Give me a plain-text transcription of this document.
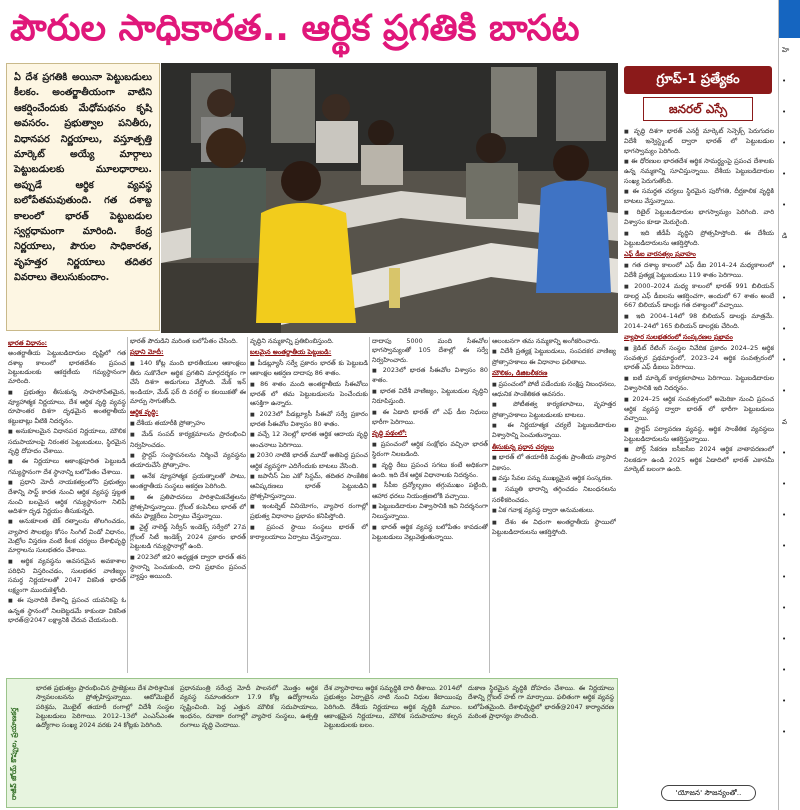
పౌరుల సాధికారత.. ఆర్థిక ప్రగతికి బాసట
హె
•
•
•
•
•
డి
•
•
•
•
•
వ
•
•
•
•
•
•
•
•
•
•

ఏ దేశ ప్రగతికి అయినా పెట్టుబడులు కీలకం. అంతర్జాతీయంగా వాటిని ఆకర్షించేందుకు మేధోమథనం కృషి అవసరం. ప్రభుత్వాల పనితీరు, విధానపర నిర్ణయాలు, వస్తూత్పత్తి మార్కెట్ అయ్యే మార్గాలు పెట్టుబడులకు మూలధారాలు. అప్పుడే ఆర్థిక వ్యవస్థ బలోపేతమవుతుంది. గత దశాబ్ద కాలంలో భారత్ పెట్టుబడుల స్వర్గధామంగా మారింది. కేంద్ర నిర్ణయాలు, పౌరుల సాధికారత, వృహత్తర నిర్ణయాలు తదితర వివరాలు తెలుసుకుందాం.

భారత విధానం:

అంతర్జాతీయ పెట్టుబడిదారుల దృష్టిలో గత దశాబ్ద కాలంలో భారతదేశం ప్రపంచ పెట్టుబడులకు ఆకర్షణీయ గమ్యస్థానంగా మారింది.

■ ప్రభుత్వం తీసుకున్న సాహసోపేతమైన, వ్యూహాత్మక నిర్ణయాలు, దేశ ఆర్థిక వృద్ధి వ్యవస్థ రూపాంతర దిశగా దృఢమైన అంతర్జాతీయ కట్టుబాట్లు వీటికి నిదర్శనం.

■ అనుకూలమైన విధానపర నిర్ణయాలు, మౌలిక సదుపాయాలపై నిరంతర పెట్టుబడులు, స్థిరమైన వృద్ధి దోహదం చేశాయి.

■ ఈ నిర్ణయాలు ఆకాంక్షపూరిత పెట్టుబడి గమ్యస్థానంగా దేశ స్థానాన్ని బలోపేతం చేశాయి.

■ ప్రధాని మోదీ నాయకత్వంలోని ప్రభుత్వం దేశాన్ని సాఫ్ట్ కారత నుంచి ఆర్థిక వ్యవస్థ స్తబ్దత నుంచి బలమైన ఆర్థిక గమ్యస్థానంగా నిలిపే అదిశగా దృఢ నిర్ణయం తీసుకున్నది.

■ అనుకూలత టెక్ రత్నాలను తొలగించడం, వ్యాపార సౌలభ్యం కోసం సింగిల్ విండో విధానం, మెట్రోల విస్తరణ వంటి కీలక చర్యలు దేశాభివృద్ధి మార్గాలను సులభతరం చేశాయి.

■ ఆర్థిక వ్యవస్థను అవసరమైన అవకాశాల పరిధిని విస్తరించడం, సులభతర వాణిజ్యం సమర్థ నిర్ణయాలతో 2047 వికసిత భారత్ లక్ష్యంగా ముందుకెళ్తోంది.

■ ఈ పునాదికి దేశాన్ని ప్రపంచ యవనికపై ఓ ఉన్నత స్థానంలో నిలబెట్టడమే కాకుండా వికసిత భారత్@2047 లక్ష్యానికి చేరువ చేయనుంది.

భారత్ పౌరుడిని మరింత బలోపేతం చేసింది.

ప్రధాని మోదీ:

■ 140 కోట్ల మంది భారతీయుల ఆకాంక్షలు తీరు సుకొనేలా ఆర్థిక ప్రగతిని మార్గదర్శకం గా చేసే దిశగా అడుగులు వేస్తోంది. మేక్ ఇన్ ఇండియా, మేడ్ ఫర్ ది వరల్డ్ ల కలయికతో ఈ మార్పు సాగుతోంది.

ఆర్థిక వృద్ధి:

■ దేశీయ తయారీకి ప్రోత్సాహం

■ మేడ్ సంపద్ కార్యక్రమాలను ప్రారంభించి నిర్వహించడం.

■ స్టార్టప్ సంస్థాపనలను నిర్మించే వ్యవస్థను తయారుచేసే ప్రోత్సాహం.

■ అనేక వ్యూహాత్మక ప్రయత్నాలతో పాటు, అంతర్జాతీయ సంస్థలు ఆకర్షణ పెరిగింది.

■ ఈ ప్రతిపాదనలు పారిశ్రామికవేత్తలను ప్రోత్సహిస్తున్నాయి. గ్లోబల్ కంపెనీలు భారత్ లో తమ ఫ్యాక్టరీలు ఏర్పాటు చేస్తున్నాయి.

■ వైల్డ్ నాలెడ్జ్ సెర్వీస్ ఇండెక్స్ సర్వేలో 27వ గ్లోబల్ సిటీ ఇండెక్స్ 2024 ప్రకారం భారత్ పెట్టుబడి గమ్యస్థానాల్లో ఉంది.

■ 2023లో జి20 అధ్యక్షత ద్వారా భారత్ తన స్థానాన్ని పెంచుకుంది, దాని ప్రభావం ప్రపంచ వ్యాప్తం అయింది.

వృద్ధిని నమ్మకాన్ని ప్రతిబింబిస్తుంది.

బలమైన అంతర్జాతీయ పెట్టుబడి:

■ పీడబ్ల్యూసీ సర్వే ప్రకారం భారత్ కు పెట్టుబడి ఆకాంక్షల ఆకర్షణ దాదాపు 86 శాతం.

■ 86 శాతం మంది అంతర్జాతీయ సీఈవోలు భారత్ లో తమ పెట్టుబడులను పెంచేందుకు ఆసక్తిగా ఉన్నారు.

■ 2023లో పీడబ్ల్యూసీ సీఈవో సర్వే ప్రకారం భారత సీఈవోల విశ్వాసం 80 శాతం.

■ వచ్చే 12 నెలల్లో భారత ఆర్థిక ఆదాయ వృద్ధి అంచనాలు పెరిగాయి.

■ 2030 నాటికి భారత్ మూడో అతిపెద్ద ప్రపంచ ఆర్థిక వ్యవస్థగా ఎదిగేందుకు బాటలు వేసింది.

■ జపానీస్ ఏఐ ఎకో సిస్టమ్, తదితర సాంకేతిక ఆవిష్కరణలు భారత్ పెట్టుబడిని ప్రోత్సహిస్తున్నాయి.

■ ఇంటర్నెట్ వినియోగం, వ్యాపార రంగాల్లో ప్రభుత్వ విధానాల ప్రభావం కనిపిస్తోంది.

■ ప్రపంచ స్థాయి సంస్థలు భారత్ లో కార్యాలయాలు ఏర్పాటు చేస్తున్నాయి.

దాదాపు 5000 మంది సీఈవోల భాగస్వామ్యంతో 105 దేశాల్లో ఈ సర్వే నిర్వహించారు.

■ 2023లో భారత సీఈవోల విశ్వాసం 80 శాతం.

■ భారత విదేశీ వాణిజ్యం, పెట్టుబడుల వృద్ధిని నిరూపిస్తుంది.

■ ఈ ఏడాది భారత్ లో ఎఫ్ డీఐ నిధులు భారీగా పెరిగాయి.

వృద్ధి పథంలో:

■ ప్రపంచంలో ఆర్థిక సంక్షోభం వచ్చినా భారత్ స్థిరంగా నిలబడింది.

■ వృద్ధి రేటు ప్రపంచ సగటు కంటే అధికంగా ఉంది. ఇది దేశ ఆర్థిక విధానాలకు నిదర్శనం.

■ సీపీఐ ద్రవ్యోల్బణం తగ్గుముఖం పట్టింది, ఆహార ధరలు నియంత్రణలోకి వచ్చాయి.

■ పెట్టుబడిదారుల విశ్వాసానికి ఇవి నిదర్శనంగా నిలుస్తున్నాయి.

■ భారత్ ఆర్థిక వ్యవస్థ బలోపేతం కావడంతో పెట్టుబడులు వెల్లువెత్తుతున్నాయి.

ఆలంబనగా తమ నమ్మకాన్ని అంగీకరించారు.

■ విదేశీ ప్రత్యక్ష పెట్టుబడులు, సంపదకర వాణిజ్య ప్రోత్సాహకాలు ఈ విధానాల ఫలితాలు.

మౌలికం, డిజిటలీకరణ

■ ప్రపంచంలో పోటీ పడేందుకు సంక్షిప్త నిబంధనలు, ఆధునిక సాంకేతికత అవసరం.

■ పోటీతత్వ కార్యకలాపాలు, వృహత్తర ప్రోత్సాహకాలు పెట్టుబడులకు బాటలు.

■ ఈ నిర్ణయాత్మక చర్యలే పెట్టుబడిదారుల విశ్వాసాన్ని పెంచుతున్నాయి.

తీసుకున్న ప్రధాన చర్యలు

■ భారత్ లో తయారీకి మద్దతు ప్రాంతీయ వ్యాపార వికాసం.

■ వస్తు సేవల పన్ను ముఖ్యమైన ఆర్థిక సంస్కరణ.

■ సమ్మతి భారాన్ని తగ్గించడం నిబంధనలను సరళీకరించడం.

■ ఏక గవాక్ష వ్యవస్థ ద్వారా అనుమతులు.

■ దేశం ఈ విధంగా అంతర్జాతీయ స్థాయిలో పెట్టుబడిదారులను ఆకర్షిస్తోంది.

రాజీవ్ జోయ్ కొప్పుల, ప్రయాణకర్త

భారత ప్రభుత్వం ప్రారంభించిన ప్రాజెక్టులు దేశ పారిశ్రామిక స్వావలంబనను ప్రోత్సహిస్తున్నాయి. ఆటోమొబైల్ పరిశ్రమ, మొబైల్ తయారీ రంగాల్లో విదేశీ సంస్థల పెట్టుబడులు పెరిగాయి. 2012–13లో ఎంఎస్ఎంఈ ఉద్యోగాల సంఖ్య 2024 వరకు 24 కోట్లకు పెరిగింది.

ప్రధానమంత్రి నరేంద్ర మోదీ పాలనలో మొత్తం ఆర్థిక వ్యవస్థ సమాంతరంగా 17.9 కోట్ల ఉద్యోగాలను సృష్టించింది. పెద్ద ఎత్తున మౌలిక సదుపాయాలు, ఇంధనం, రవాణా రంగాల్లో వ్యాపార సంస్థలు, ఉత్పత్తి రంగాలు వృద్ధి చెందాయి.

దేశ వ్యాపారాలు ఆర్థిక సమృద్ధికి దారి తీశాయి. 2014లో ప్రభుత్వం ఏర్పాటైన నాటి నుంచి నిధుల కేటాయింపు పెరిగింది. దేశీయ నిర్ణయాలు ఆర్థిక వృద్ధికి మూలం. ఆకాంక్షమైన నిర్ణయాలు, మౌలిక సదుపాయాల కల్పన పెట్టుబడులకు బలం.

దుకాణ స్థిరమైన వృద్ధికి దోహదం చేశాయి. ఈ నిర్ణయాలు దేశాన్ని గ్లోబల్ హబ్ గా మార్చాయి. ఫలితంగా ఆర్థిక వ్యవస్థ బలోపేతమైంది. దేశాభివృద్ధిలో భారత్@2047 కార్యాచరణ మరింత ప్రాధాన్యం పొందింది.

గ్రూప్-1 ప్రత్యేకం
జనరల్ ఎస్సే

■ వృద్ధి దిశగా భారత్ ఎనర్జీ మార్కెట్ సెన్సెక్స్ పెరుగుదల విదేశీ ఇన్వెస్ట్మెంట్ ద్వారా భారత్ లో పెట్టుబడుల భాగస్వామ్యం పెరిగింది.

■ ఈ ధోరణుల భారతదేశ ఆర్థిక సామర్థ్యంపై ప్రపంచ దేశాలకు ఉన్న నమ్మకాన్ని సూచిస్తున్నాయి. దేశీయ పెట్టుబడిదారుల సంఖ్య పెరుగుతోంది.

■ ఈ సమర్థత చర్యలు స్థిరమైన పురోగతి, దీర్ఘకాలిక వృద్ధికి బాటలు వేస్తున్నాయి.

■ రిటైల్ పెట్టుబడిదారుల భాగస్వామ్యం పెరిగింది. వారి విశ్వాసం కూడా మెరుగైంది.

■ ఇది జీడీపీ వృద్ధిని ప్రోత్సహిస్తోంది. ఈ దేశీయ పెట్టుబడిదారులను ఆకర్షిస్తోంది.

ఎఫ్ డీఐ వారసత్వం ప్రవాహం

■ గత దశాబ్ద కాలంలో ఎఫ్ డీఐ 2014–24 మధ్యకాలంలో విదేశీ ప్రత్యక్ష పెట్టుబడులు 119 శాతం పెరిగాయి.

■ 2000–2024 మధ్య కాలంలో భారత్ 991 బిలియన్ డాలర్ల ఎఫ్ డీఐలను ఆకర్షించగా, అందులో 67 శాతం అంటే 667 బిలియన్ డాలర్లు గత దశాబ్దంలో వచ్చాయి.

■ ఇది 2004–14లో 98 బిలియన్ డాలర్లు మాత్రమే. 2014–24లో 165 బిలియన్ డాలర్లకు చేరింది.

వ్యాపార సులభతరంలో సంస్కరణల ప్రభావం

■ క్రెడిట్ రేటింగ్ సంస్థల నివేదిక ప్రకారం 2024–25 ఆర్థిక సంవత్సర ప్రథమార్థంలో, 2023–24 ఆర్థిక సంవత్సరంలో భారత్ ఎఫ్ డీఐలు పెరిగాయి.

■ ఐటీ మార్కెట్ కార్యకలాపాలు పెరిగాయి. పెట్టుబడిదారుల విశ్వాసానికి ఇది నిదర్శనం.

■ 2024–25 ఆర్థిక సంవత్సరంలో అమెరికా నుంచి ప్రపంచ ఆర్థిక వ్యవస్థ ద్వారా భారత్ లో భారీగా పెట్టుబడులు వచ్చాయి.

■ స్టార్టప్ పర్యావరణ వ్యవస్థ, ఆర్థిక సాంకేతిక వ్యవస్థలు పెట్టుబడిదారులను ఆకర్షిస్తున్నాయి.

■ పోర్ట్ సేకరణ ఐసీఐసీఐ 2024 ఆర్థిక వాతావరణంలో నిలకడగా ఉండి 2025 ఆర్థిక ఏడాదిలో భారత్ ఎకానమీ మార్కెట్ బలంగా ఉంది.

'యోజన' సౌజన్యంతో..
